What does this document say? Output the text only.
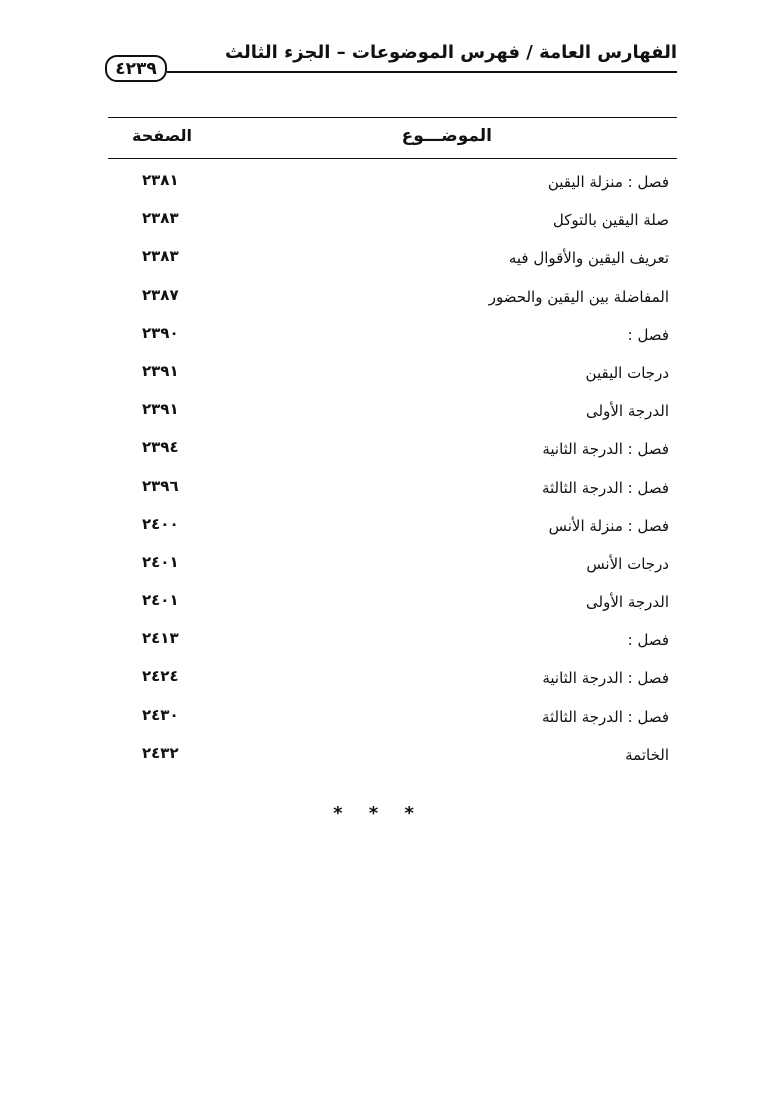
الفهارس العامة / فهرس الموضوعات – الجزء الثالث
٤٢٣٩
الموضـــوع
الصفحة
فصل : منزلة اليقين
٢٣٨١
صلة اليقين بالتوكل
٢٣٨٣
تعريف اليقين والأقوال فيه
٢٣٨٣
المفاضلة بين اليقين والحضور
٢٣٨٧
فصل :
٢٣٩٠
درجات اليقين
٢٣٩١
الدرجة الأولى
٢٣٩١
فصل : الدرجة الثانية
٢٣٩٤
فصل : الدرجة الثالثة
٢٣٩٦
فصل : منزلة الأنس
٢٤٠٠
درجات الأنس
٢٤٠١
الدرجة الأولى
٢٤٠١
فصل :
٢٤١٣
فصل : الدرجة الثانية
٢٤٢٤
فصل : الدرجة الثالثة
٢٤٣٠
الخاتمة
٢٤٣٢
* * *
